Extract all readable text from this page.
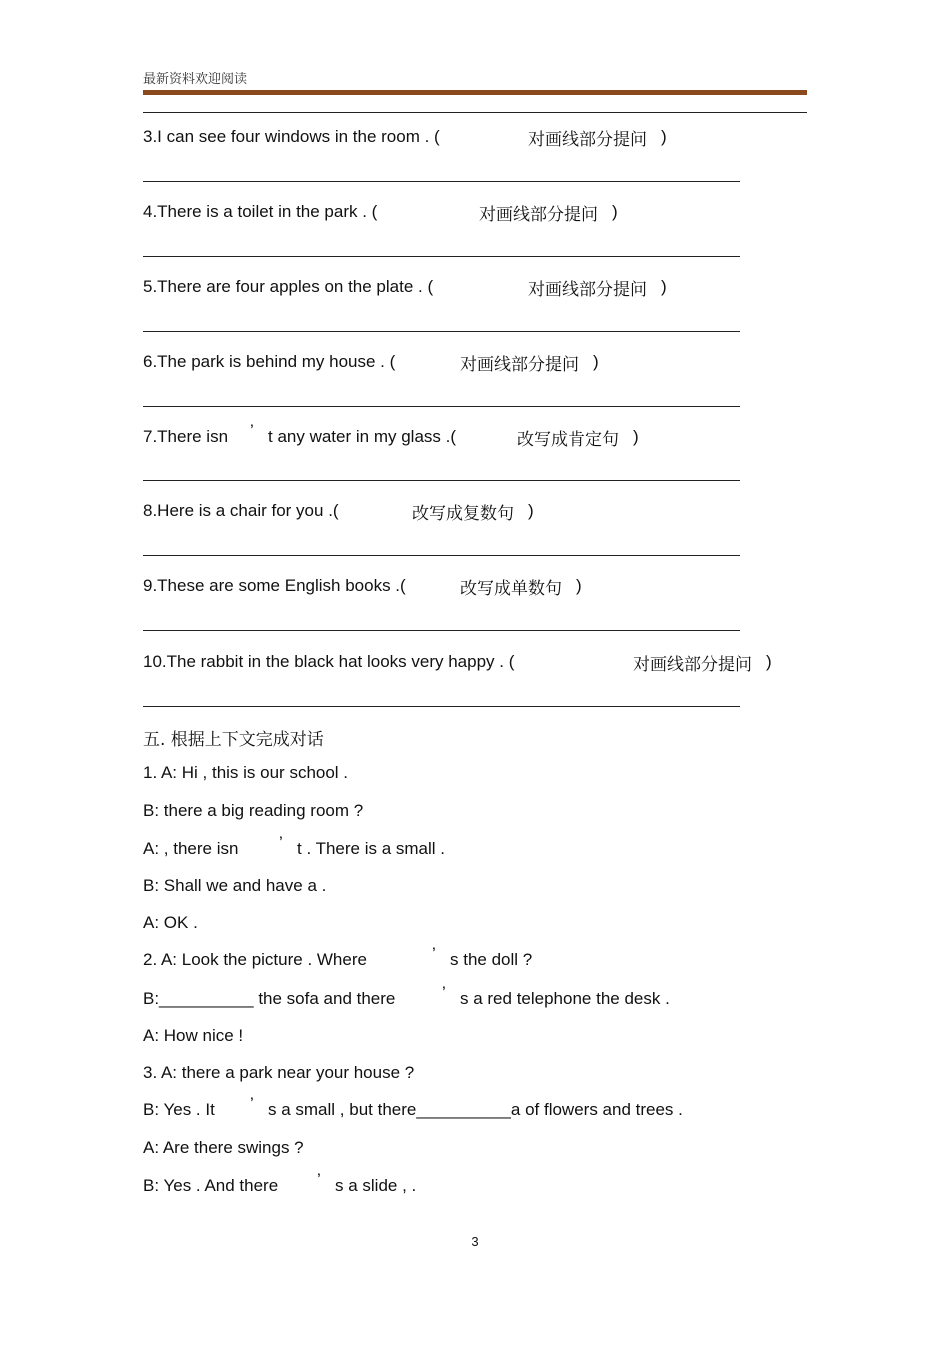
最新资料欢迎阅读
3.I can see four windows in the room . (	对画线部分提问 )
4.There is a toilet in the park . (	对画线部分提问 )
5.There are four apples on the plate . (	对画线部分提问 )
6.The park is behind my house . (	对画线部分提问 )
7.There isn ’ t any water in my glass .(	改写成肯定句 )
8.Here is a chair for you .(	改写成复数句 )
9.These are some English books .(	改写成单数句 )
10.The rabbit in the black hat looks very happy . (	对画线部分提问 )
五. 根据上下文完成对话
1. A: Hi , this is our school .
B: there a big reading room ?
A: , there isn ’ t . There is a small .
B: Shall we and have a .
A: OK .
2. A: Look the picture . Where	’ s the doll ?
B:__________ the sofa and there	’ s a red telephone the desk .
A: How nice !
3. A: there a park near your house ?
B: Yes . It ’ s a small , but there__________a of flowers and trees .
A: Are there swings ?
B: Yes . And there ’ s a slide , .
3
